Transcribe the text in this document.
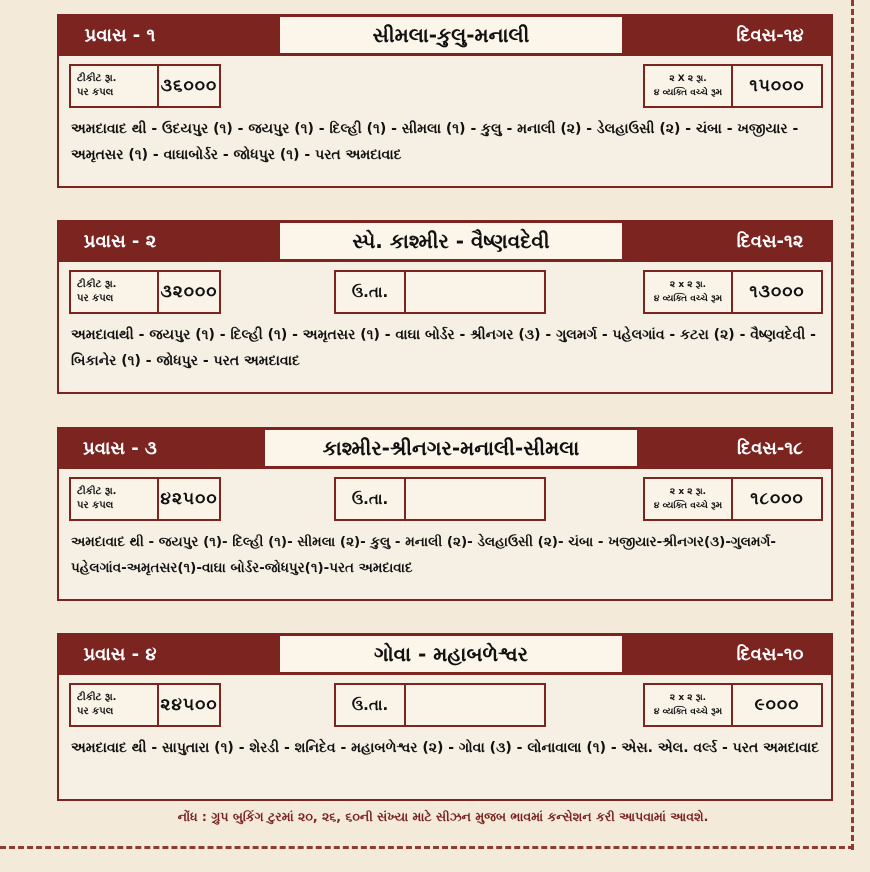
પ્રવાસ - ૧	સીમલા-કુલુ-મનાલી	દિવસ-૧૪
ટીકીટ રૂા.
પર કપલ	૩૬૦૦૦	૨ X ૨ રૂા.
૪ વ્યક્તિ વચ્ચે રૂમ	૧૫૦૦૦
અમદાવાદ થી - ઉદયપુર (૧) - જયપુર (૧) - દિલ્હી (૧) - સીમલા (૧) - કુલુ - મનાલી (૨) - ડેલહાઉસી (૨) - ચંબા - ખજીયાર - અમૃતસર (૧) - વાઘાબોર્ડર - જોધપુર (૧) - પરત અમદાવાદ
પ્રવાસ - ૨	સ્પે. કાશ્મીર - વૈષ્ણવદેવી	દિવસ-૧૨
ટીકીટ રૂા.
પર કપલ	૩૨૦૦૦	ઉ.તા.	૨ x ૨ રૂા.
૪ વ્યક્તિ વચ્ચે રૂમ	૧૩૦૦૦
અમદાવાથી - જયપુર (૧) - દિલ્હી (૧) - અમૃતસર (૧) - વાઘા બોર્ડર - શ્રીનગર (૩) - ગુલમર્ગ - પહેલગાંવ - કટરા (૨) - વૈષ્ણવદેવી - બિકાનેર (૧) - જોધપુર - પરત અમદાવાદ
પ્રવાસ - ૩	કાશ્મીર-શ્રીનગર-મનાલી-સીમલા	દિવસ-૧૮
ટીકીટ રૂા.
પર કપલ	૪૨૫૦૦	ઉ.તા.	૨ x ૨ રૂા.
૪ વ્યક્તિ વચ્ચે રૂમ	૧૮૦૦૦
અમદાવાદ થી - જયપુર (૧)- દિલ્હી (૧)- સીમલા (૨)- કુલુ - મનાલી (૨)- ડેલહાઉસી (૨)- ચંબા - ખજીયાર-શ્રીનગર(૩)-ગુલમર્ગ-પહેલગાંવ-અમૃતસર(૧)-વાઘા બોર્ડર-જોધપુર(૧)-પરત અમદાવાદ
પ્રવાસ - ૪	ગોવા - મહાબળેશ્વર	દિવસ-૧૦
ટીકીટ રૂા.
પર કપલ	૨૪૫૦૦	ઉ.તા.	૨ x ૨ રૂા.
૪ વ્યક્તિ વચ્ચે રૂમ	૯૦૦૦
અમદાવાદ થી - સાપુતારા (૧) - શેરડી - શનિદેવ - મહાબળેશ્વર (૨) - ગોવા (૩) - લોનાવાલા (૧) - એસ. એલ. વર્લ્ડ - પરત અમદાવાદ
નોંધ : ગ્રુપ બુકિંગ ટુરમાં ૨૦, ૨૬, ૬૦ની સંખ્યા માટે સીઝન મુજબ ભાવમાં કન્સેશન કરી આપવામાં આવશે.
